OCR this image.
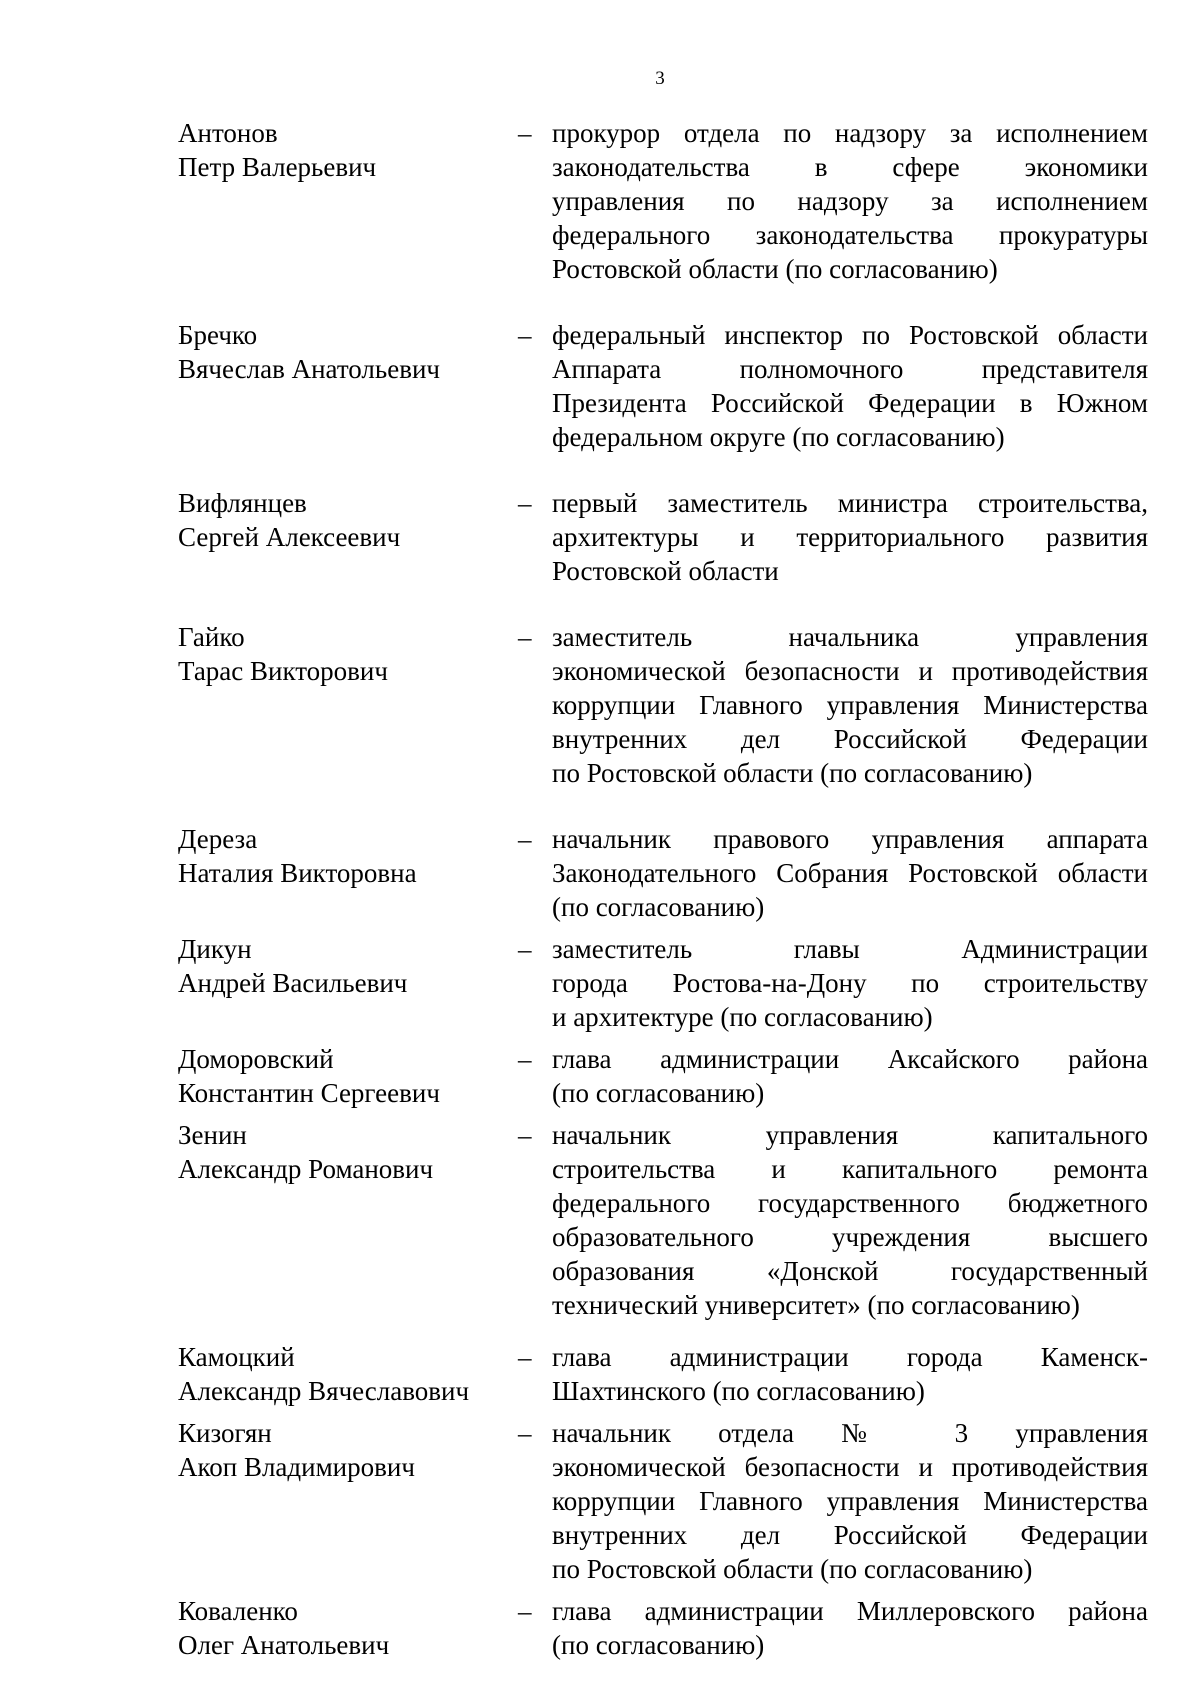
3
Антонов
Петр Валерьевич
– прокурор отдела по надзору за исполнением
законодательства в сфере экономики
управления по надзору за исполнением
федерального законодательства прокуратуры
Ростовской области (по согласованию)
Бречко
Вячеслав Анатольевич
– федеральный инспектор по Ростовской области
Аппарата полномочного представителя
Президента Российской Федерации в Южном
федеральном округе (по согласованию)
Вифлянцев
Сергей Алексеевич
– первый заместитель министра строительства,
архитектуры и территориального развития
Ростовской области
Гайко
Тарас Викторович
– заместитель начальника управления
экономической безопасности и противодействия
коррупции Главного управления Министерства
внутренних дел Российской Федерации
по Ростовской области (по согласованию)
Дереза
Наталия Викторовна
– начальник правового управления аппарата
Законодательного Собрания Ростовской области
(по согласованию)
Дикун
Андрей Васильевич
– заместитель главы Администрации
города Ростова-на-Дону по строительству
и архитектуре (по согласованию)
Доморовский
Константин Сергеевич
– глава администрации Аксайского района
(по согласованию)
Зенин
Александр Романович
– начальник управления капитального
строительства и капитального ремонта
федерального государственного бюджетного
образовательного учреждения высшего
образования «Донской государственный
технический университет» (по согласованию)
Камоцкий
Александр Вячеславович
– глава администрации города Каменск-
Шахтинского (по согласованию)
Кизогян
Акоп Владимирович
– начальник отдела № 3 управления
экономической безопасности и противодействия
коррупции Главного управления Министерства
внутренних дел Российской Федерации
по Ростовской области (по согласованию)
Коваленко
Олег Анатольевич
– глава администрации Миллеровского района
(по согласованию)
